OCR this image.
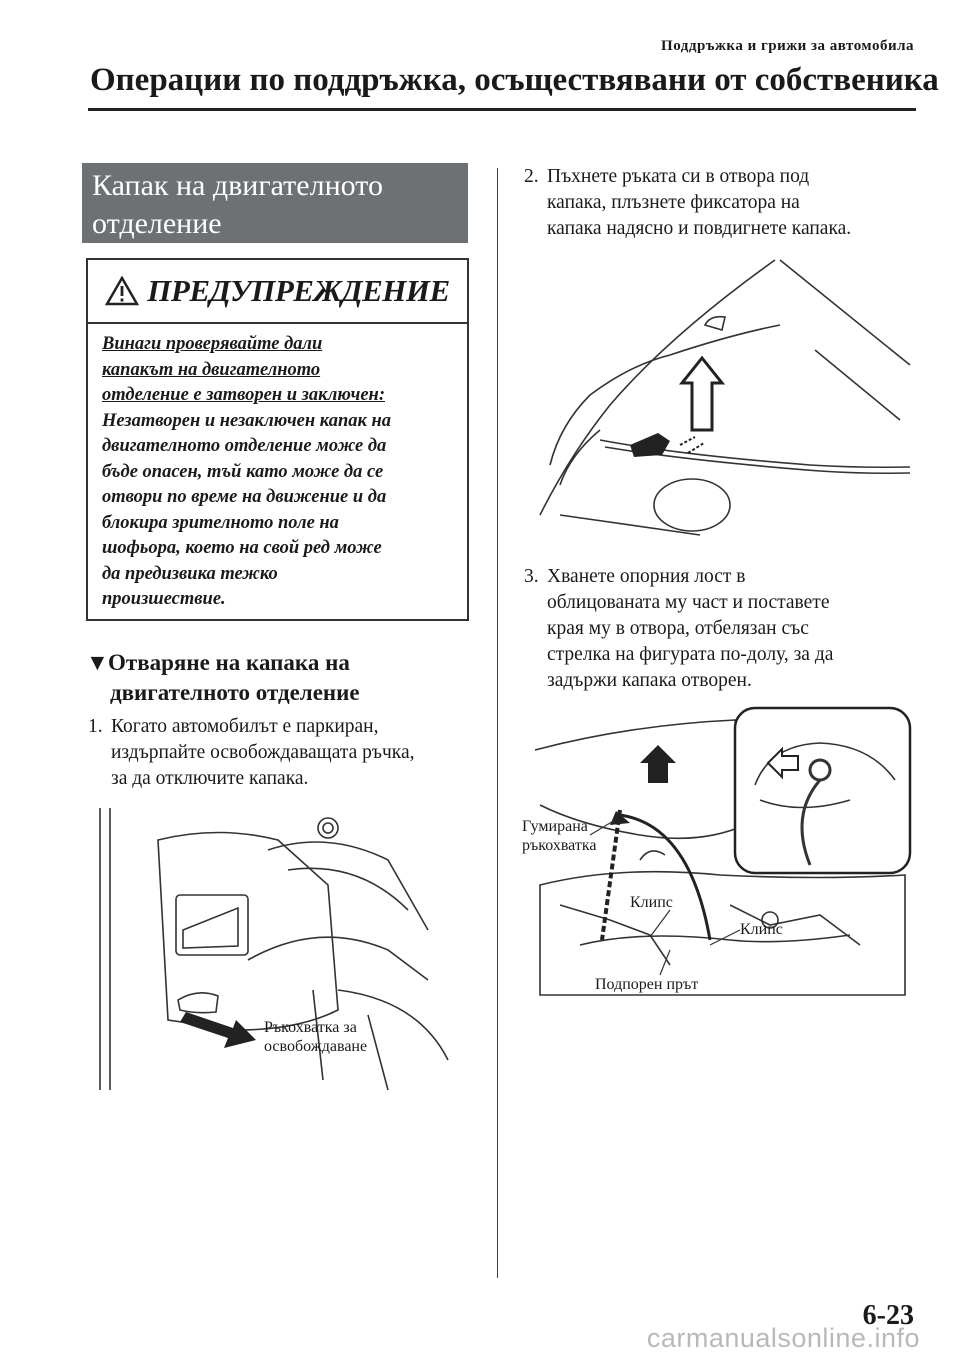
Поддръжка и грижи за автомобила
Операции по поддръжка, осъществявани от собственика
Капак на двигателното
отделение
ПРЕДУПРЕЖДЕНИЕ
Винаги проверявайте дали
капакът на двигателното
отделение е затворен и заключен:
Незатворен и незаключен капак на
двигателното отделение може да
бъде опасен, тъй като може да се
отвори по време на движение и да
блокира зрителното поле на
шофьора, което на свой ред може
да предизвика тежко
произшествие.
▼Отваряне на капака на
двигателното отделение
1. Когато автомобилът е паркиран,
издърпайте освобождаващата ръчка,
за да отключите капака.
Ръкохватка за
освобождаване
2. Пъхнете ръката си в отвора под
капака, плъзнете фиксатора на
капака надясно и повдигнете капака.
3. Хванете опорния лост в
облицованата му част и поставете
края му в отвора, отбелязан със
стрелка на фигурата по-долу, за да
задържи капака отворен.
Гумирана
ръкохватка
Клипс
Клипс
Подпорен прът
6-23
carmanualsonline.info
